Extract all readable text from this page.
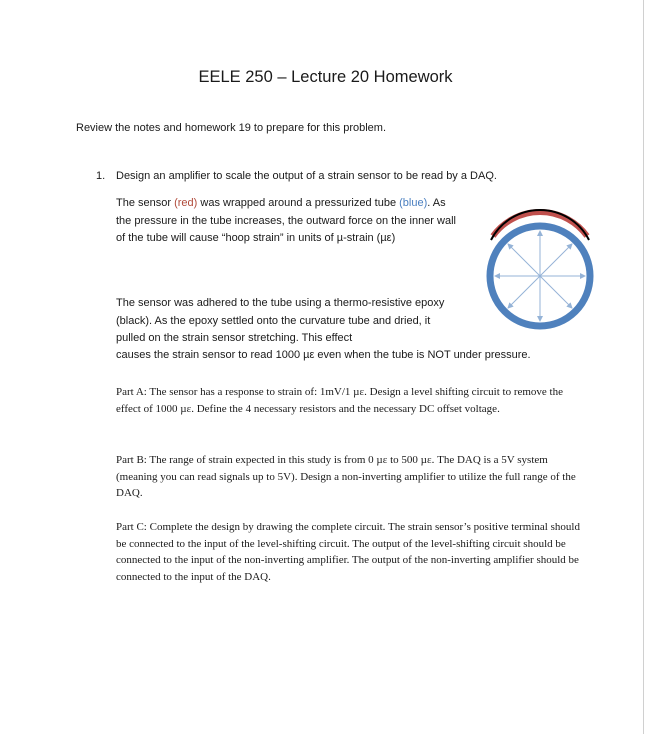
EELE 250 – Lecture 20 Homework
Review the notes and homework 19 to prepare for this problem.
1. Design an amplifier to scale the output of a strain sensor to be read by a DAQ.
The sensor (red) was wrapped around a pressurized tube (blue). As the pressure in the tube increases, the outward force on the inner wall of the tube will cause “hoop strain” in units of µ-strain (µε)
The sensor was adhered to the tube using a thermo-resistive epoxy (black). As the epoxy settled onto the curvature tube and dried, it pulled on the strain sensor stretching. This effect
causes the strain sensor to read 1000 µε even when the tube is NOT under pressure.
Part A: The sensor has a response to strain of: 1mV/1 µε. Design a level shifting circuit to remove the effect of 1000 µε. Define the 4 necessary resistors and the necessary DC offset voltage.
Part B: The range of strain expected in this study is from 0 µε to 500 µε. The DAQ is a 5V system (meaning you can read signals up to 5V). Design a non-inverting amplifier to utilize the full range of the DAQ.
Part C: Complete the design by drawing the complete circuit. The strain sensor’s positive terminal should be connected to the input of the level-shifting circuit. The output of the level-shifting circuit should be connected to the input of the non-inverting amplifier. The output of the non-inverting amplifier should be connected to the input of the DAQ.
